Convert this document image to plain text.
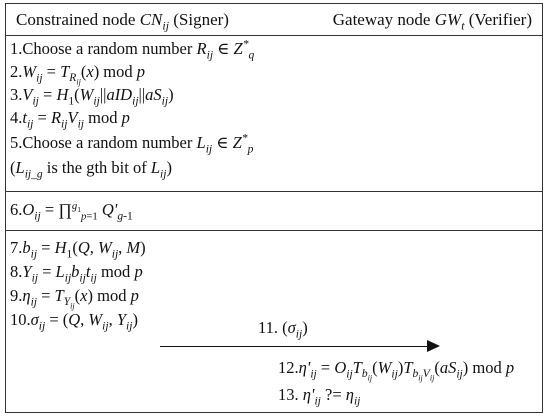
Constrained node $CN_{ij}$ (Signer)	Gateway node $GW_t$ (Verifier)
1.Choose a random number $R_{ij}$ ∈ $Z^*_q$
$2.W_{ij} = T_{R_{ij}}(x)$ mod p
$3.V_{ij} = H_1(W_{ij}||aID_{ij}||aS_{ij})$
$4.t_{ij} = R_{ij}V_{ij}$ mod p
5.Choose a random number $L_{ij}$ ∈ $Z^*_p$
($L_{ij\_g}$ is the gth bit of $L_{ij}$)
$6.O_{ij}$ = ∏$^{g_1}_{p=1}$ $Q'_{g-1}$
$7.b_{ij} = H_1(Q$, $W_{ij}$, M)
$8.Y_{ij} = L_{ij}b_{ij}t_{ij}$ mod p
$9.\eta_{ij} = T_{Y_{ij}}(x)$ mod p
$10.\sigma_{ij} = (Q$, $W_{ij}$, $Y_{ij}$)	11. $(\sigma_{ij})$
$12.\eta'_{ij} = O_{ij}T_{b_{ij}}(W_{ij})T_{b_{ij}V_{ij}}(aS_{ij})$ mod p
13. $\eta'_{ij}$ ?= $\eta_{ij}$
